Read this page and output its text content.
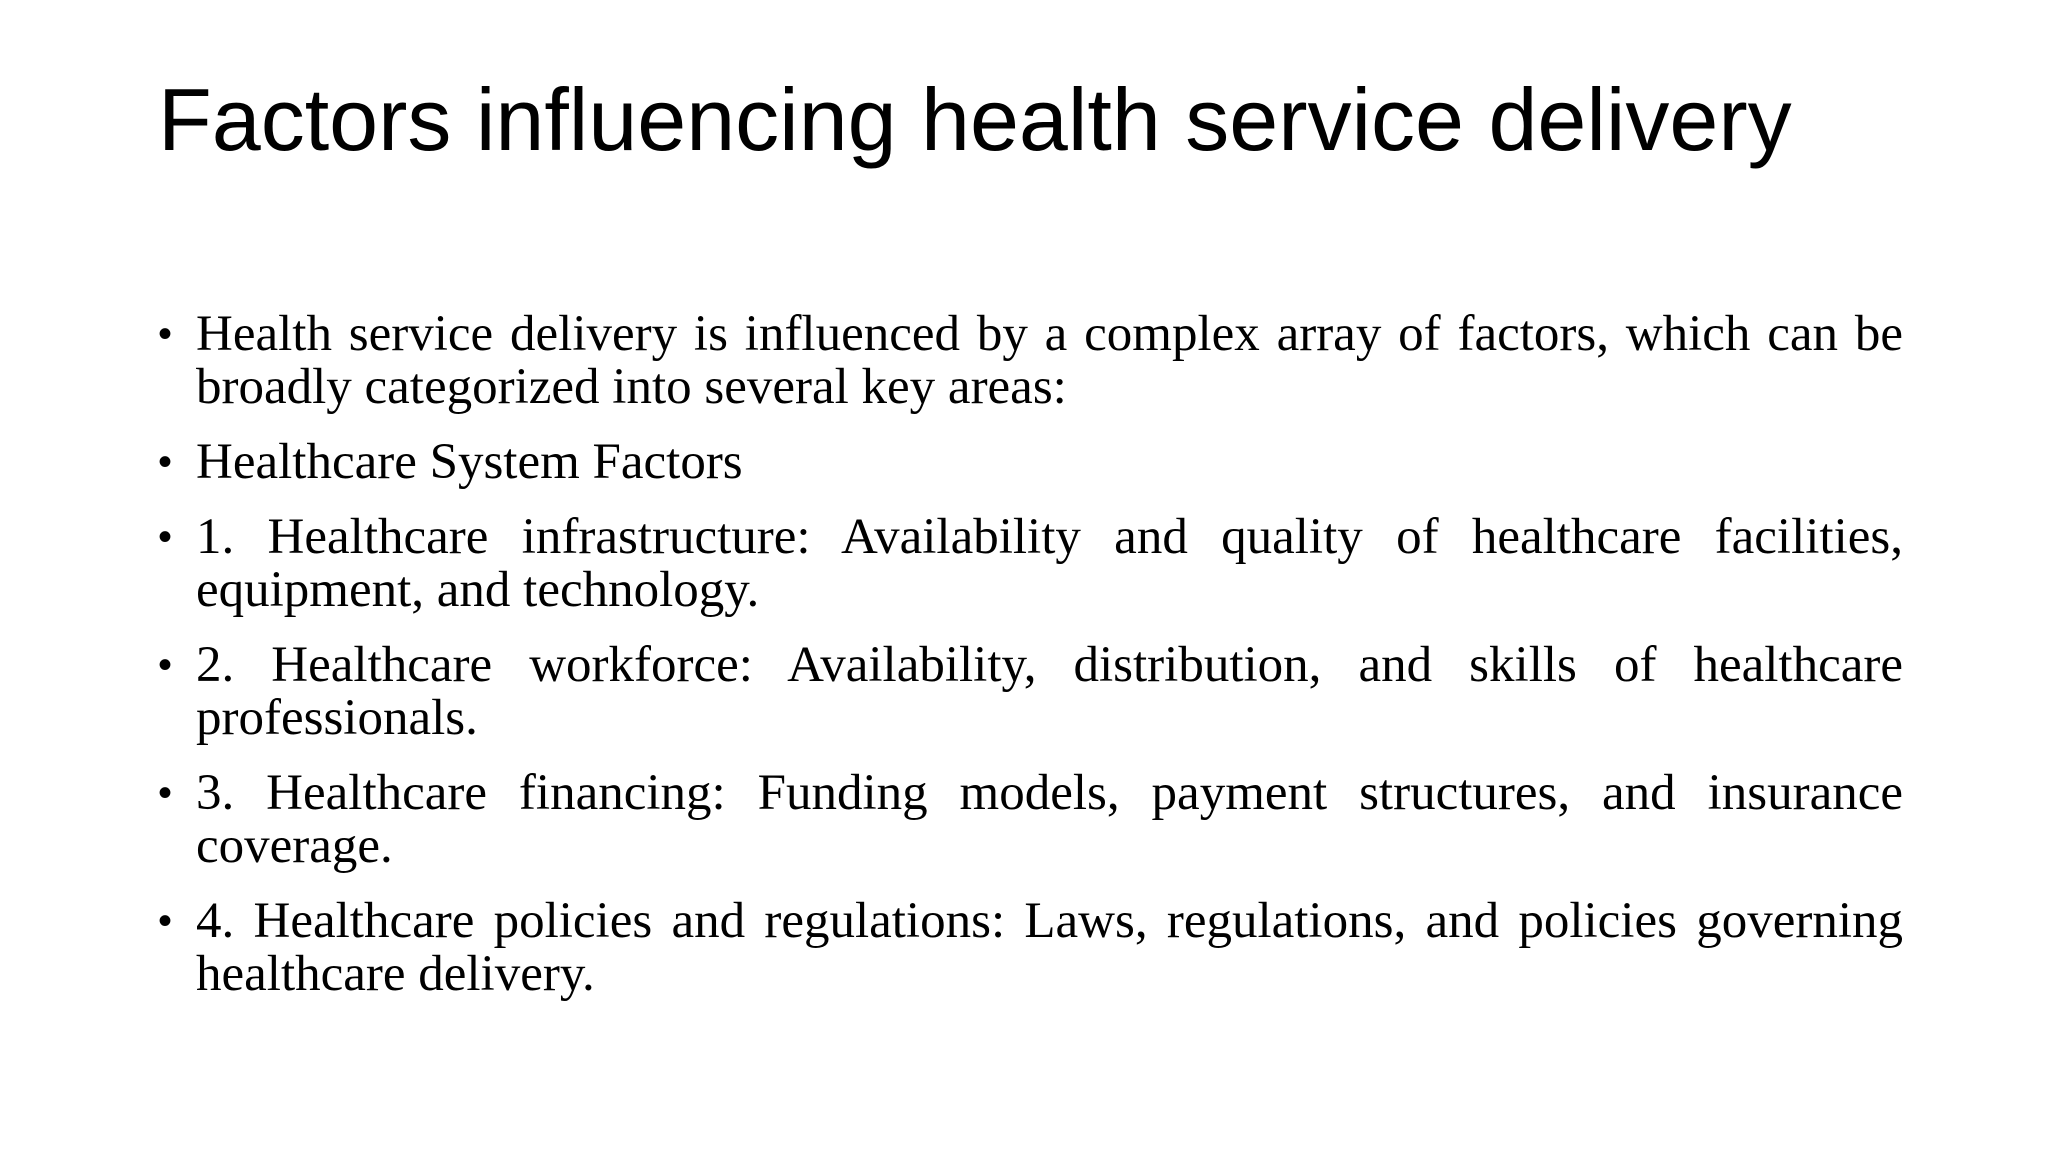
Factors influencing health service delivery
• Health service delivery is influenced by a complex array of factors, which can be broadly categorized into several key areas:
• Healthcare System Factors
• 1. Healthcare infrastructure: Availability and quality of healthcare facilities, equipment, and technology.
• 2. Healthcare workforce: Availability, distribution, and skills of healthcare professionals.
• 3. Healthcare financing: Funding models, payment structures, and insurance coverage.
• 4. Healthcare policies and regulations: Laws, regulations, and policies governing healthcare delivery.
